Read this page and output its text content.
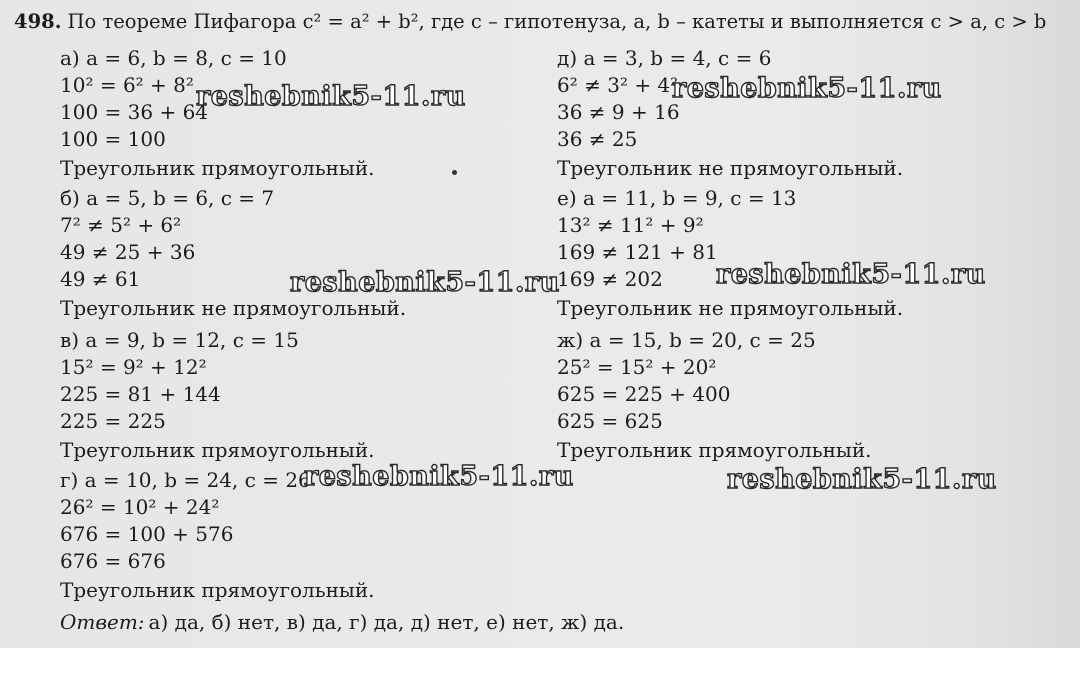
498. По теореме Пифагора c² = a² + b², где c – гипотенуза, a, b – катеты и выполняется c > a, c > b
а) a = 6, b = 8, c = 10
10² = 6² + 8²
100 = 36 + 64
100 = 100
Треугольник прямоугольный.
б) a = 5, b = 6, c = 7
7² ≠ 5² + 6²
49 ≠ 25 + 36
49 ≠ 61
Треугольник не прямоугольный.
в) a = 9, b = 12, c = 15
15² = 9² + 12²
225 = 81 + 144
225 = 225
Треугольник прямоугольный.
г) a = 10, b = 24, c = 26
26² = 10² + 24²
676 = 100 + 576
676 = 676
Треугольник прямоугольный.
д) a = 3, b = 4, c = 6
6² ≠ 3² + 4²
36 ≠ 9 + 16
36 ≠ 25
Треугольник не прямоугольный.
е) a = 11, b = 9, c = 13
13² ≠ 11² + 9²
169 ≠ 121 + 81
169 ≠ 202
Треугольник не прямоугольный.
ж) a = 15, b = 20, c = 25
25² = 15² + 20²
625 = 225 + 400
625 = 625
Треугольник прямоугольный.
Ответ: а) да, б) нет, в) да, г) да, д) нет, е) нет, ж) да.
reshebnik5-11.ru	reshebnik5-11.ru
reshebnik5-11.ru	reshebnik5-11.ru
reshebnik5-11.ru	reshebnik5-11.ru
